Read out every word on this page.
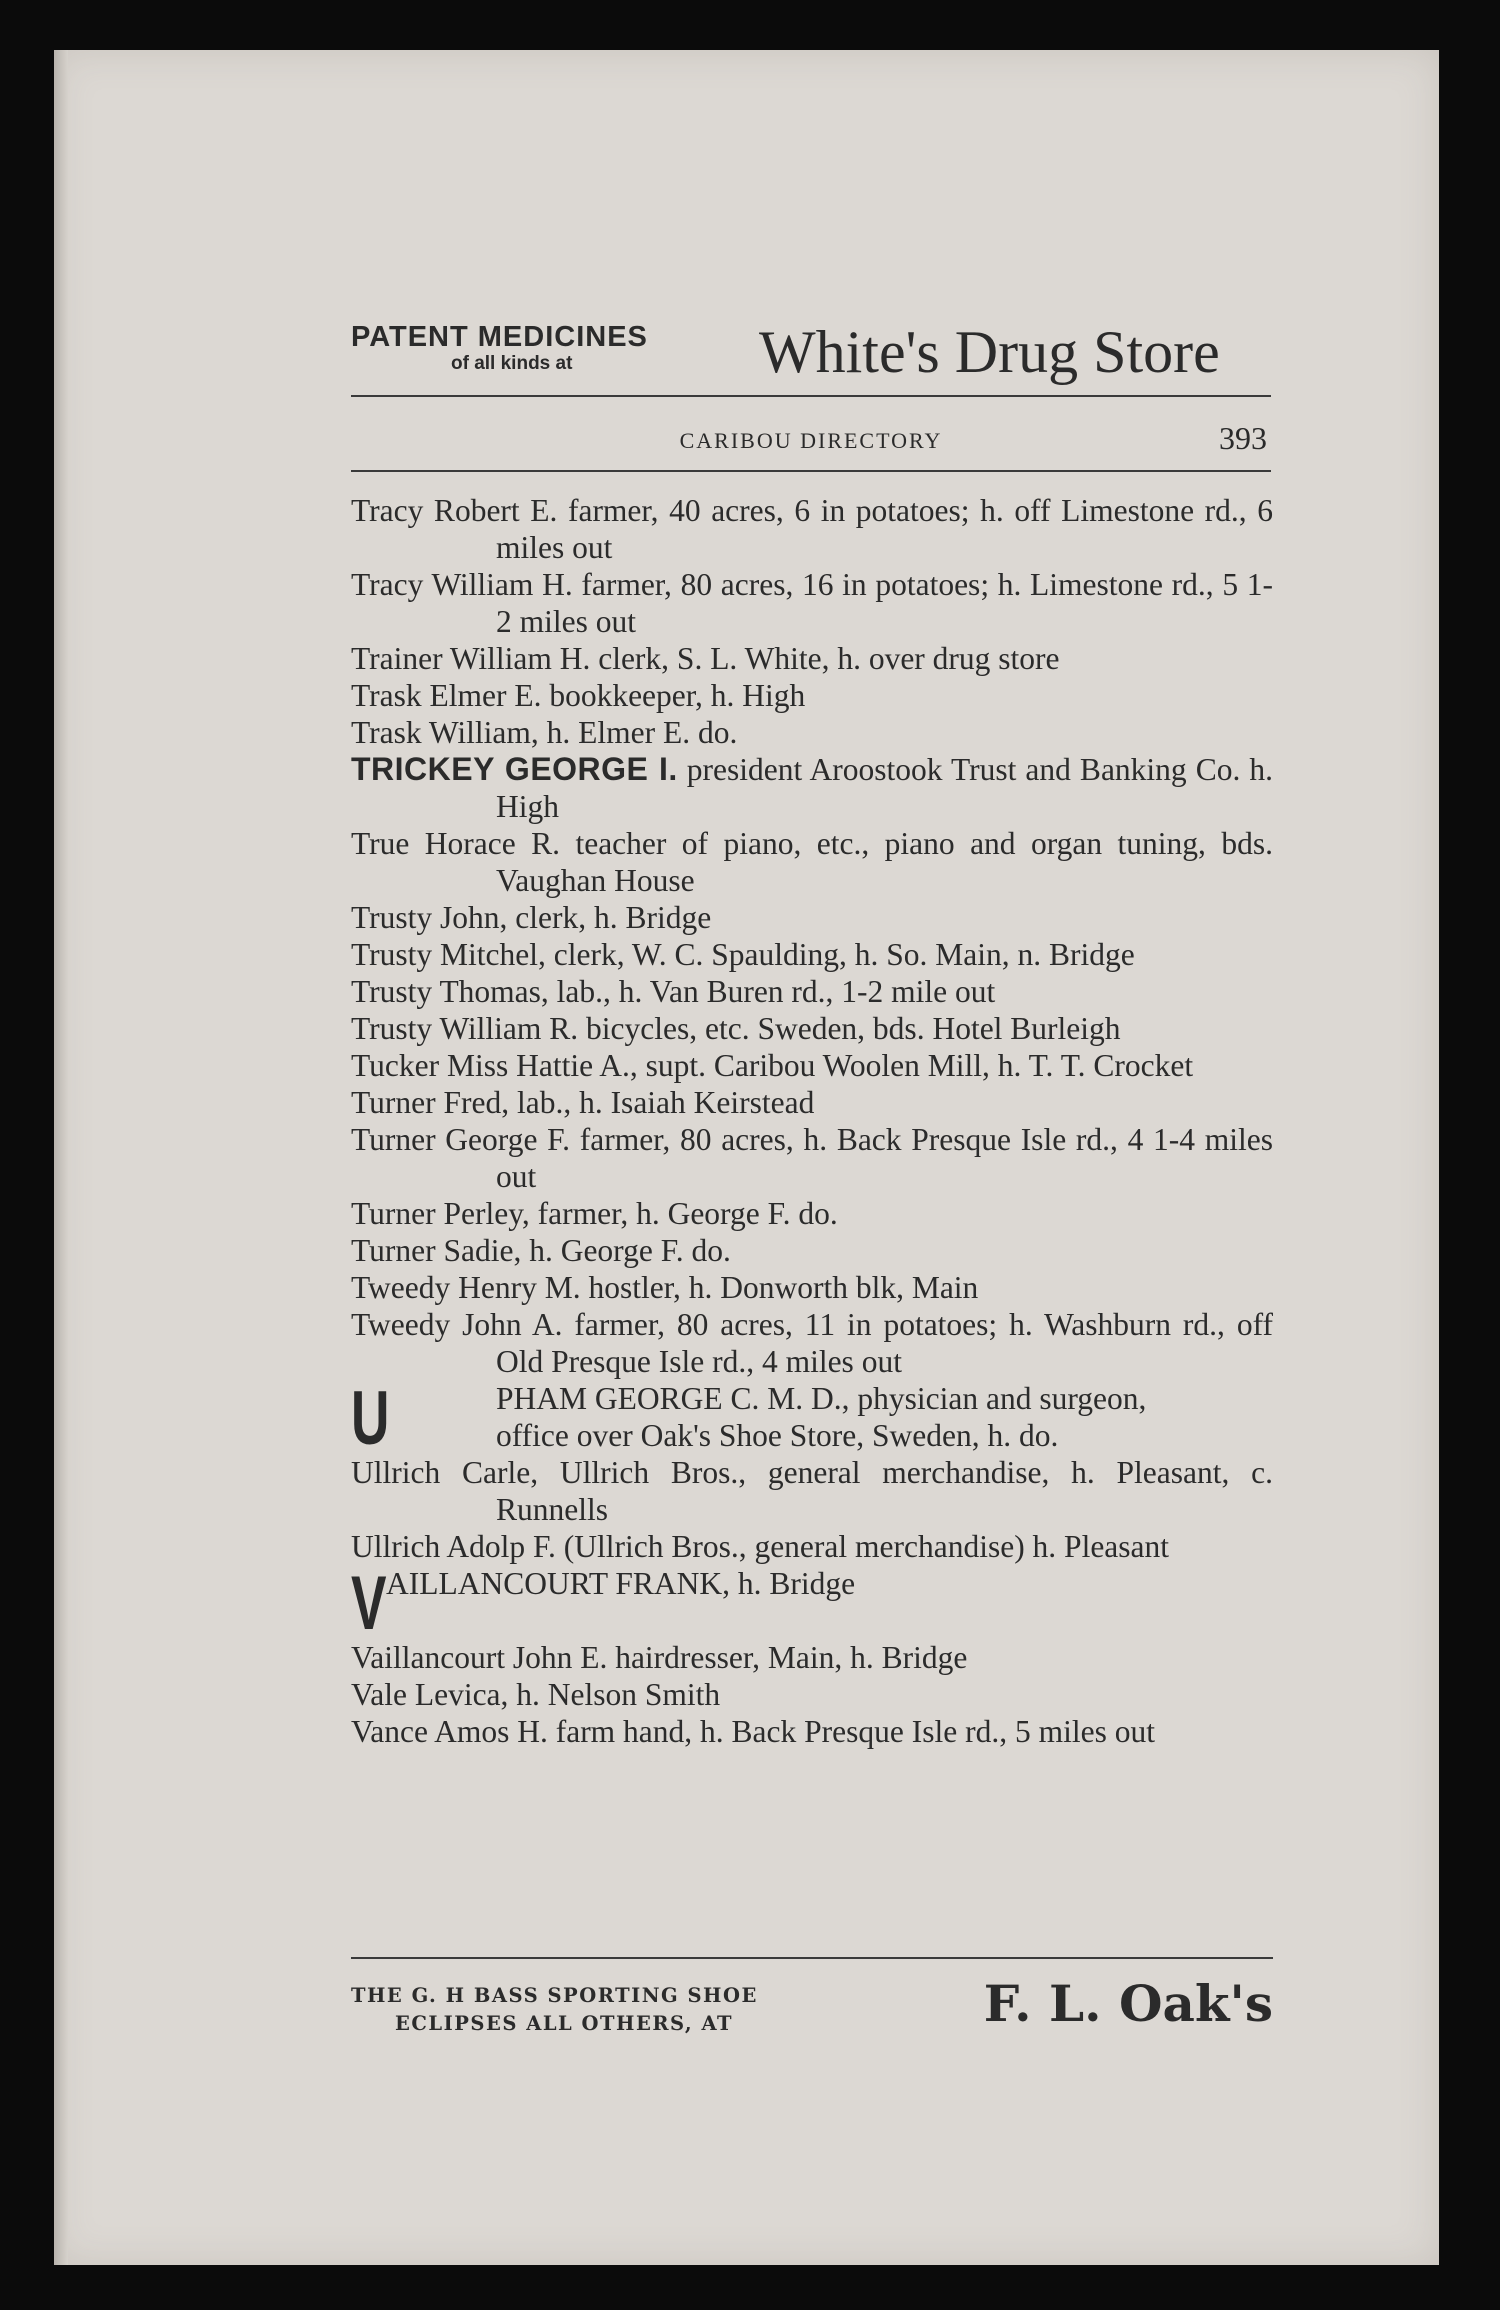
PATENT MEDICINES
of all kinds at	White's Drug Store
CARIBOU DIRECTORY	393

Tracy Robert E. farmer, 40 acres, 6 in potatoes; h. off Limestone rd., 6 miles out

Tracy William H. farmer, 80 acres, 16 in potatoes; h. Limestone rd., 5 1-2 miles out

Trainer William H. clerk, S. L. White, h. over drug store

Trask Elmer E. bookkeeper, h. High

Trask William, h. Elmer E. do.

TRICKEY GEORGE I. president Aroostook Trust and Banking Co. h. High

True Horace R. teacher of piano, etc., piano and organ tuning, bds. Vaughan House

Trusty John, clerk, h. Bridge

Trusty Mitchel, clerk, W. C. Spaulding, h. So. Main, n. Bridge

Trusty Thomas, lab., h. Van Buren rd., 1-2 mile out

Trusty William R. bicycles, etc. Sweden, bds. Hotel Burleigh

Tucker Miss Hattie A., supt. Caribou Woolen Mill, h. T. T. Crocket

Turner Fred, lab., h. Isaiah Keirstead

Turner George F. farmer, 80 acres, h. Back Presque Isle rd., 4 1-4 miles out

Turner Perley, farmer, h. George F. do.

Turner Sadie, h. George F. do.

Tweedy Henry M. hostler, h. Donworth blk, Main

Tweedy John A. farmer, 80 acres, 11 in potatoes; h. Washburn rd., off Old Presque Isle rd., 4 miles out

U	PHAM GEORGE C. M. D., physician and surgeon,
office over Oak's Shoe Store, Sweden, h. do.

Ullrich Carle, Ullrich Bros., general merchandise, h. Pleasant, c. Runnells

Ullrich Adolp F. (Ullrich Bros., general merchandise) h. Pleasant

V AILLANCOURT FRANK, h. Bridge

Vaillancourt John E. hairdresser, Main, h. Bridge

Vale Levica, h. Nelson Smith

Vance Amos H. farm hand, h. Back Presque Isle rd., 5 miles out

THE G. H BASS SPORTING SHOE
ECLIPSES ALL OTHERS, AT	F. L. Oak's
